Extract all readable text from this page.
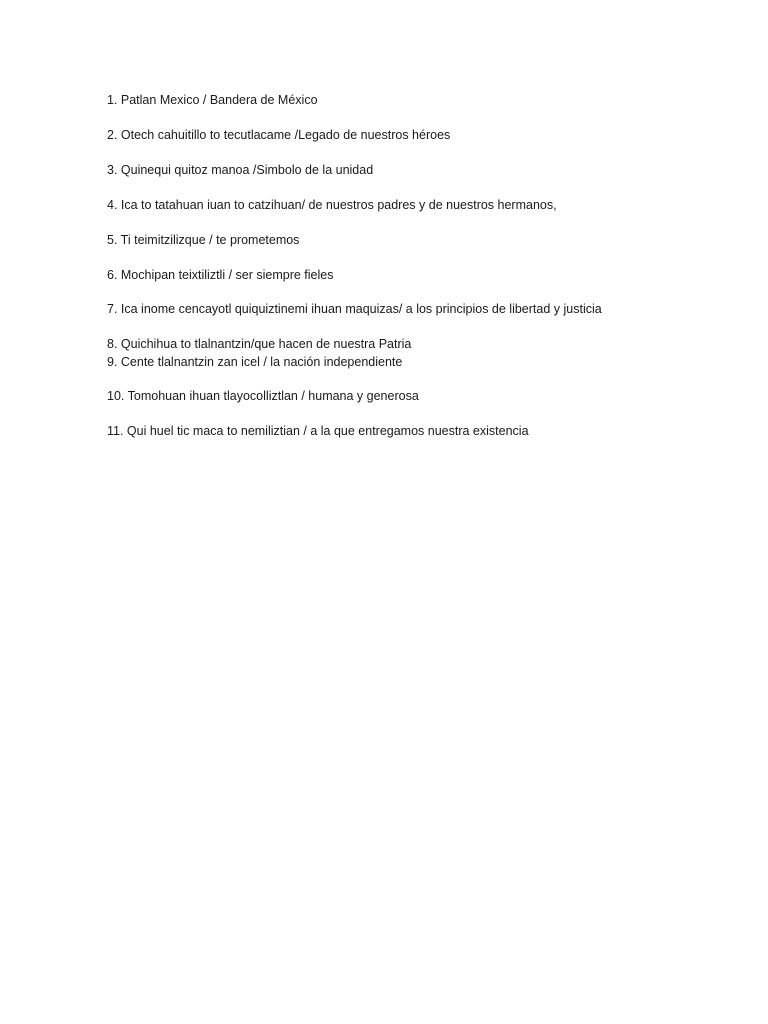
1. Patlan Mexico / Bandera de México
2. Otech cahuitillo to tecutlacame /Legado de nuestros héroes
3. Quinequi quitoz manoa /Simbolo de la unidad
4. Ica to tatahuan iuan to catzihuan/ de nuestros padres y de nuestros hermanos,
5. Ti teimitzilizque / te prometemos
6. Mochipan teixtiliztli / ser siempre fieles
7. Ica inome cencayotl quiquiztinemi ihuan maquizas/ a los principios de libertad y justicia
8. Quichihua to tlalnantzin/que hacen de nuestra Patria
9. Cente tlalnantzin zan icel / la nación independiente
10. Tomohuan ihuan tlayocolliztlan / humana y generosa
11. Qui huel tic maca to nemiliztian / a la que entregamos nuestra existencia
